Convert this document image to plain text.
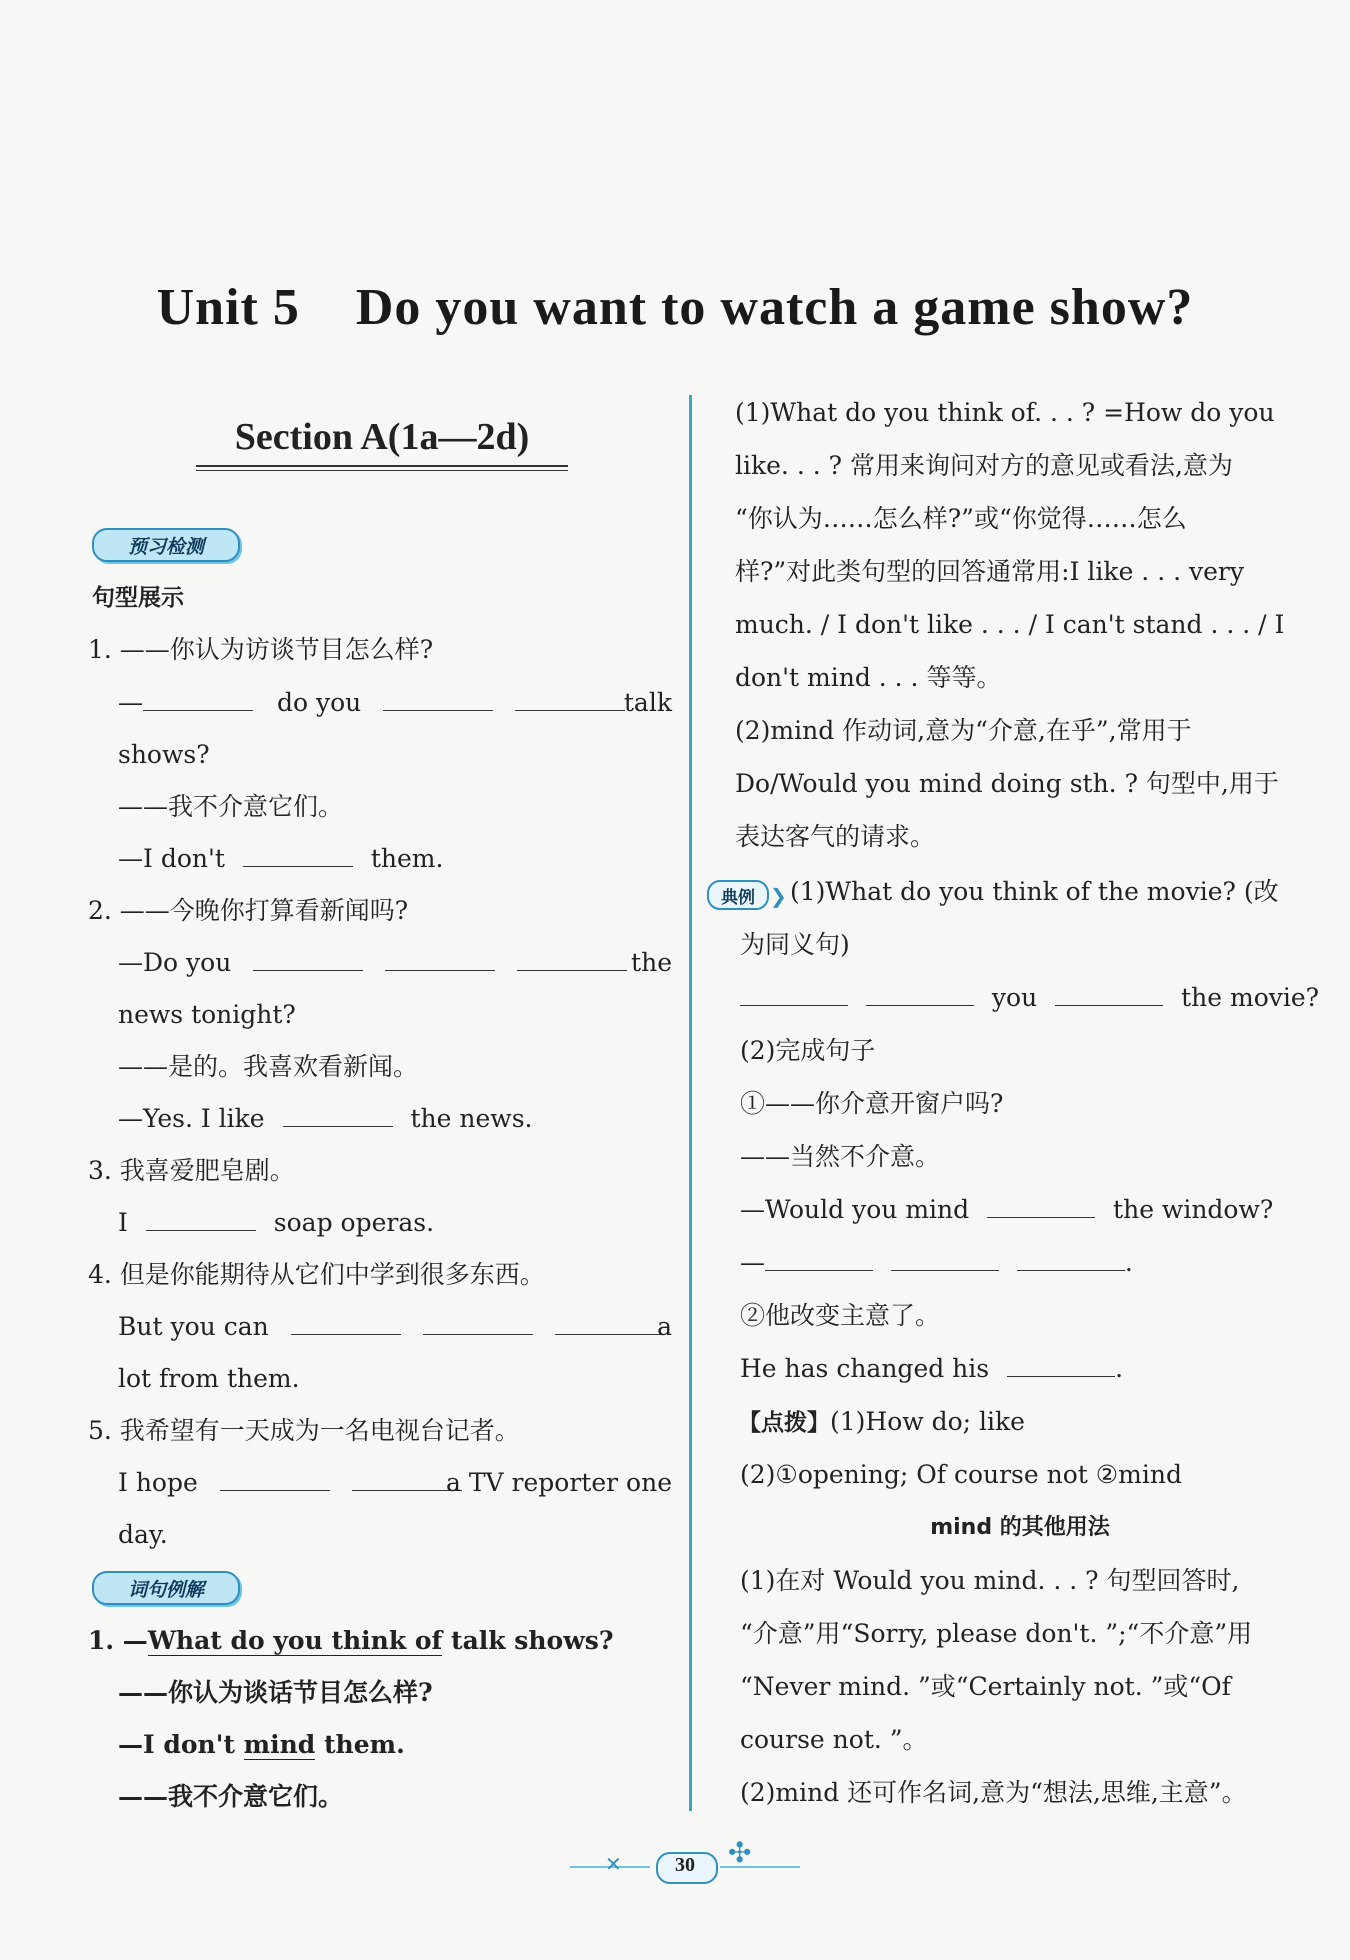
Unit 5    Do you want to watch a game show?
Section A(1a—2d)
预习检测
句型展示
1. ——你认为访谈节目怎么样?
—	do you	talk
shows?
——我不介意它们。
—I don't	them.
2. ——今晚你打算看新闻吗?
—Do you	the
news tonight?
——是的。我喜欢看新闻。
—Yes. I like	the news.
3. 我喜爱肥皂剧。
I	soap operas.
4. 但是你能期待从它们中学到很多东西。
But you can	a
lot from them.
5. 我希望有一天成为一名电视台记者。
I hope	a TV reporter one
day.
词句例解
1. —What do you think of talk shows?
——你认为谈话节目怎么样?
—I don't mind them.
——我不介意它们。
(1)What do you think of. . . ? =How do you
like. . . ? 常用来询问对方的意见或看法,意为
“你认为……怎么样?”或“你觉得……怎么
样?”对此类句型的回答通常用:I like . . . very
much. / I don't like . . . / I can't stand . . . / I
don't mind . . . 等等。
(2)mind 作动词,意为“介意,在乎”,常用于
Do/Would you mind doing sth. ? 句型中,用于
表达客气的请求。
典例 ❯ (1)What do you think of the movie? (改
为同义句)
you	the movie?
(2)完成句子
①——你介意开窗户吗?
——当然不介意。
—Would you mind	the window?
—	.
②他改变主意了。
He has changed his	.
【点拨】(1)How do; like
(2)①opening; Of course not ②mind
mind 的其他用法
(1)在对 Would you mind. . . ? 句型回答时,
“介意”用“Sorry, please don't. ”;“不介意”用
“Never mind. ”或“Certainly not. ”或“Of
course not. ”。
(2)mind 还可作名词,意为“想法,思维,主意”。
✕	✣
30
